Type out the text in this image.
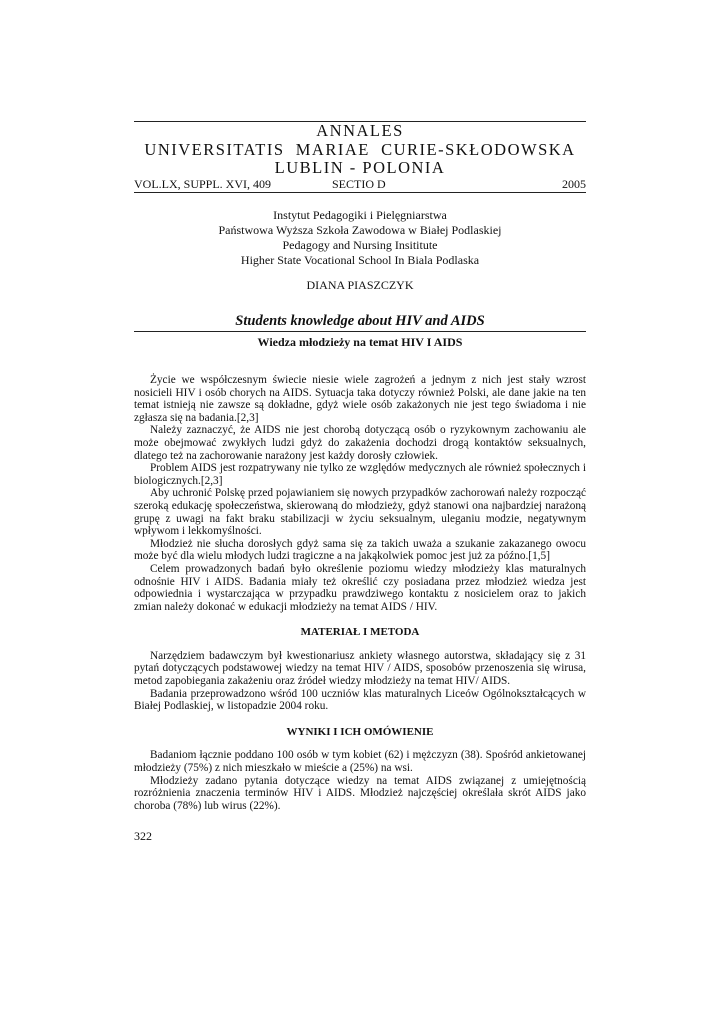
ANNALES
UNIVERSITATIS  MARIAE  CURIE-SKŁODOWSKA
LUBLIN - POLONIA
VOL.LX, SUPPL. XVI, 409	SECTIO D	2005
Instytut Pedagogiki i Pielęgniarstwa
Państwowa Wyższa Szkoła Zawodowa w Białej Podlaskiej
Pedagogy and Nursing Insititute
Higher State Vocational School In Biala Podlaska
DIANA PIASZCZYK
Students knowledge about HIV and AIDS
Wiedza młodzieży na temat HIV I AIDS

Życie we współczesnym świecie niesie wiele zagrożeń a jednym z nich jest stały wzrost nosicieli HIV i osób chorych na AIDS. Sytuacja taka dotyczy również Polski, ale dane jakie na ten temat istnieją nie zawsze są dokładne, gdyż wiele osób zakażonych nie jest tego świadoma i nie zgłasza się na badania.[2,3]

Należy zaznaczyć, że AIDS nie jest chorobą dotyczącą osób o ryzykownym zachowaniu ale może obejmować zwykłych ludzi gdyż do zakażenia dochodzi drogą kontaktów seksualnych, dlatego też na zachorowanie narażony jest każdy dorosły człowiek.

Problem AIDS jest rozpatrywany nie tylko ze względów medycznych ale również społecznych i biologicznych.[2,3]

Aby uchronić Polskę przed pojawianiem się nowych przypadków zachorowań należy rozpocząć szeroką edukację społeczeństwa, skierowaną do młodzieży, gdyż stanowi ona najbardziej narażoną grupę z uwagi na fakt braku stabilizacji w życiu seksualnym, uleganiu modzie, negatywnym wpływom i lekkomyślności.

Młodzież nie słucha dorosłych gdyż sama się za takich uważa a szukanie zakazanego owocu może być dla wielu młodych ludzi tragiczne a na jakąkolwiek pomoc jest już za późno.[1,5]

Celem prowadzonych badań było określenie poziomu wiedzy młodzieży klas maturalnych odnośnie HIV i AIDS. Badania miały też określić czy posiadana przez młodzież wiedza jest odpowiednia i wystarczająca w przypadku prawdziwego kontaktu z nosicielem oraz to jakich zmian należy dokonać w edukacji młodzieży na temat AIDS / HIV.

MATERIAŁ I METODA

Narzędziem badawczym był kwestionariusz ankiety własnego autorstwa, składający się z 31 pytań dotyczących podstawowej wiedzy na temat HIV / AIDS, sposobów przenoszenia się wirusa, metod zapobiegania zakażeniu oraz źródeł wiedzy młodzieży na temat HIV/ AIDS.

Badania przeprowadzono wśród 100 uczniów klas maturalnych Liceów Ogólnokształcących w Białej Podlaskiej, w listopadzie 2004 roku.

WYNIKI I ICH OMÓWIENIE

Badaniom łącznie poddano 100 osób w tym kobiet (62) i mężczyzn (38). Spośród ankietowanej młodzieży (75%) z nich mieszkało w mieście a (25%) na wsi.

Młodzieży zadano pytania dotyczące wiedzy na temat AIDS związanej z umiejętnością rozróżnienia znaczenia terminów HIV i AIDS. Młodzież najczęściej określała skrót AIDS jako choroba (78%) lub wirus (22%).

322
